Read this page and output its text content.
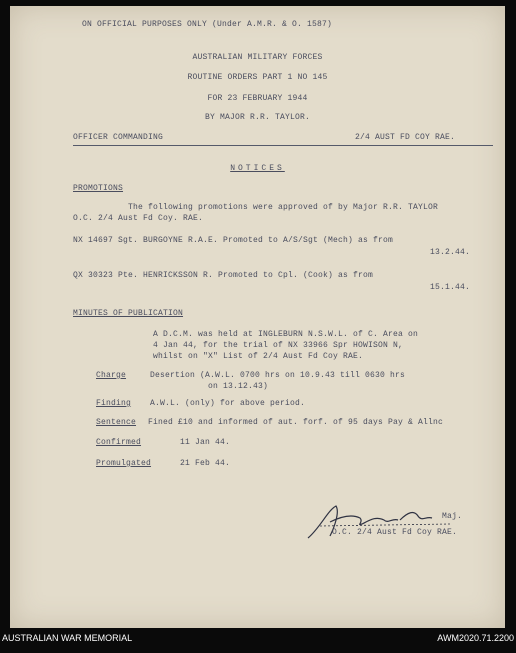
ON OFFICIAL PURPOSES ONLY (Under A.M.R. & O. 1587)
AUSTRALIAN MILITARY FORCES
ROUTINE ORDERS PART 1 NO 145
FOR 23 FEBRUARY 1944
BY MAJOR R.R. TAYLOR.
OFFICER COMMANDING	2/4 AUST FD COY RAE.
NOTICES
PROMOTIONS
The following promotions were approved of by Major R.R. TAYLOR
O.C. 2/4 Aust Fd Coy. RAE.
NX 14697 Sgt. BURGOYNE R.A.E. Promoted to A/S/Sgt (Mech) as from
13.2.44.
QX 30323 Pte. HENRICKSSON R. Promoted to Cpl. (Cook) as from
15.1.44.
MINUTES OF PUBLICATION
A D.C.M. was held at INGLEBURN N.S.W.L. of C. Area on
4 Jan 44, for the trial of NX 33966 Spr HOWISON N,
whilst on "X" List of 2/4 Aust Fd Coy RAE.
Charge	Desertion (A.W.L. 0700 hrs on 10.9.43 till 0630 hrs
on 13.12.43)
Finding A.W.L. (only) for above period.
Sentence Fined £10 and informed of aut. forf. of 95 days Pay & Allnc
Confirmed	11 Jan 44.
Promulgated	21 Feb 44.
Maj.
O.C. 2/4 Aust Fd Coy RAE.
AUSTRALIAN WAR MEMORIAL	AWM2020.71.2200
